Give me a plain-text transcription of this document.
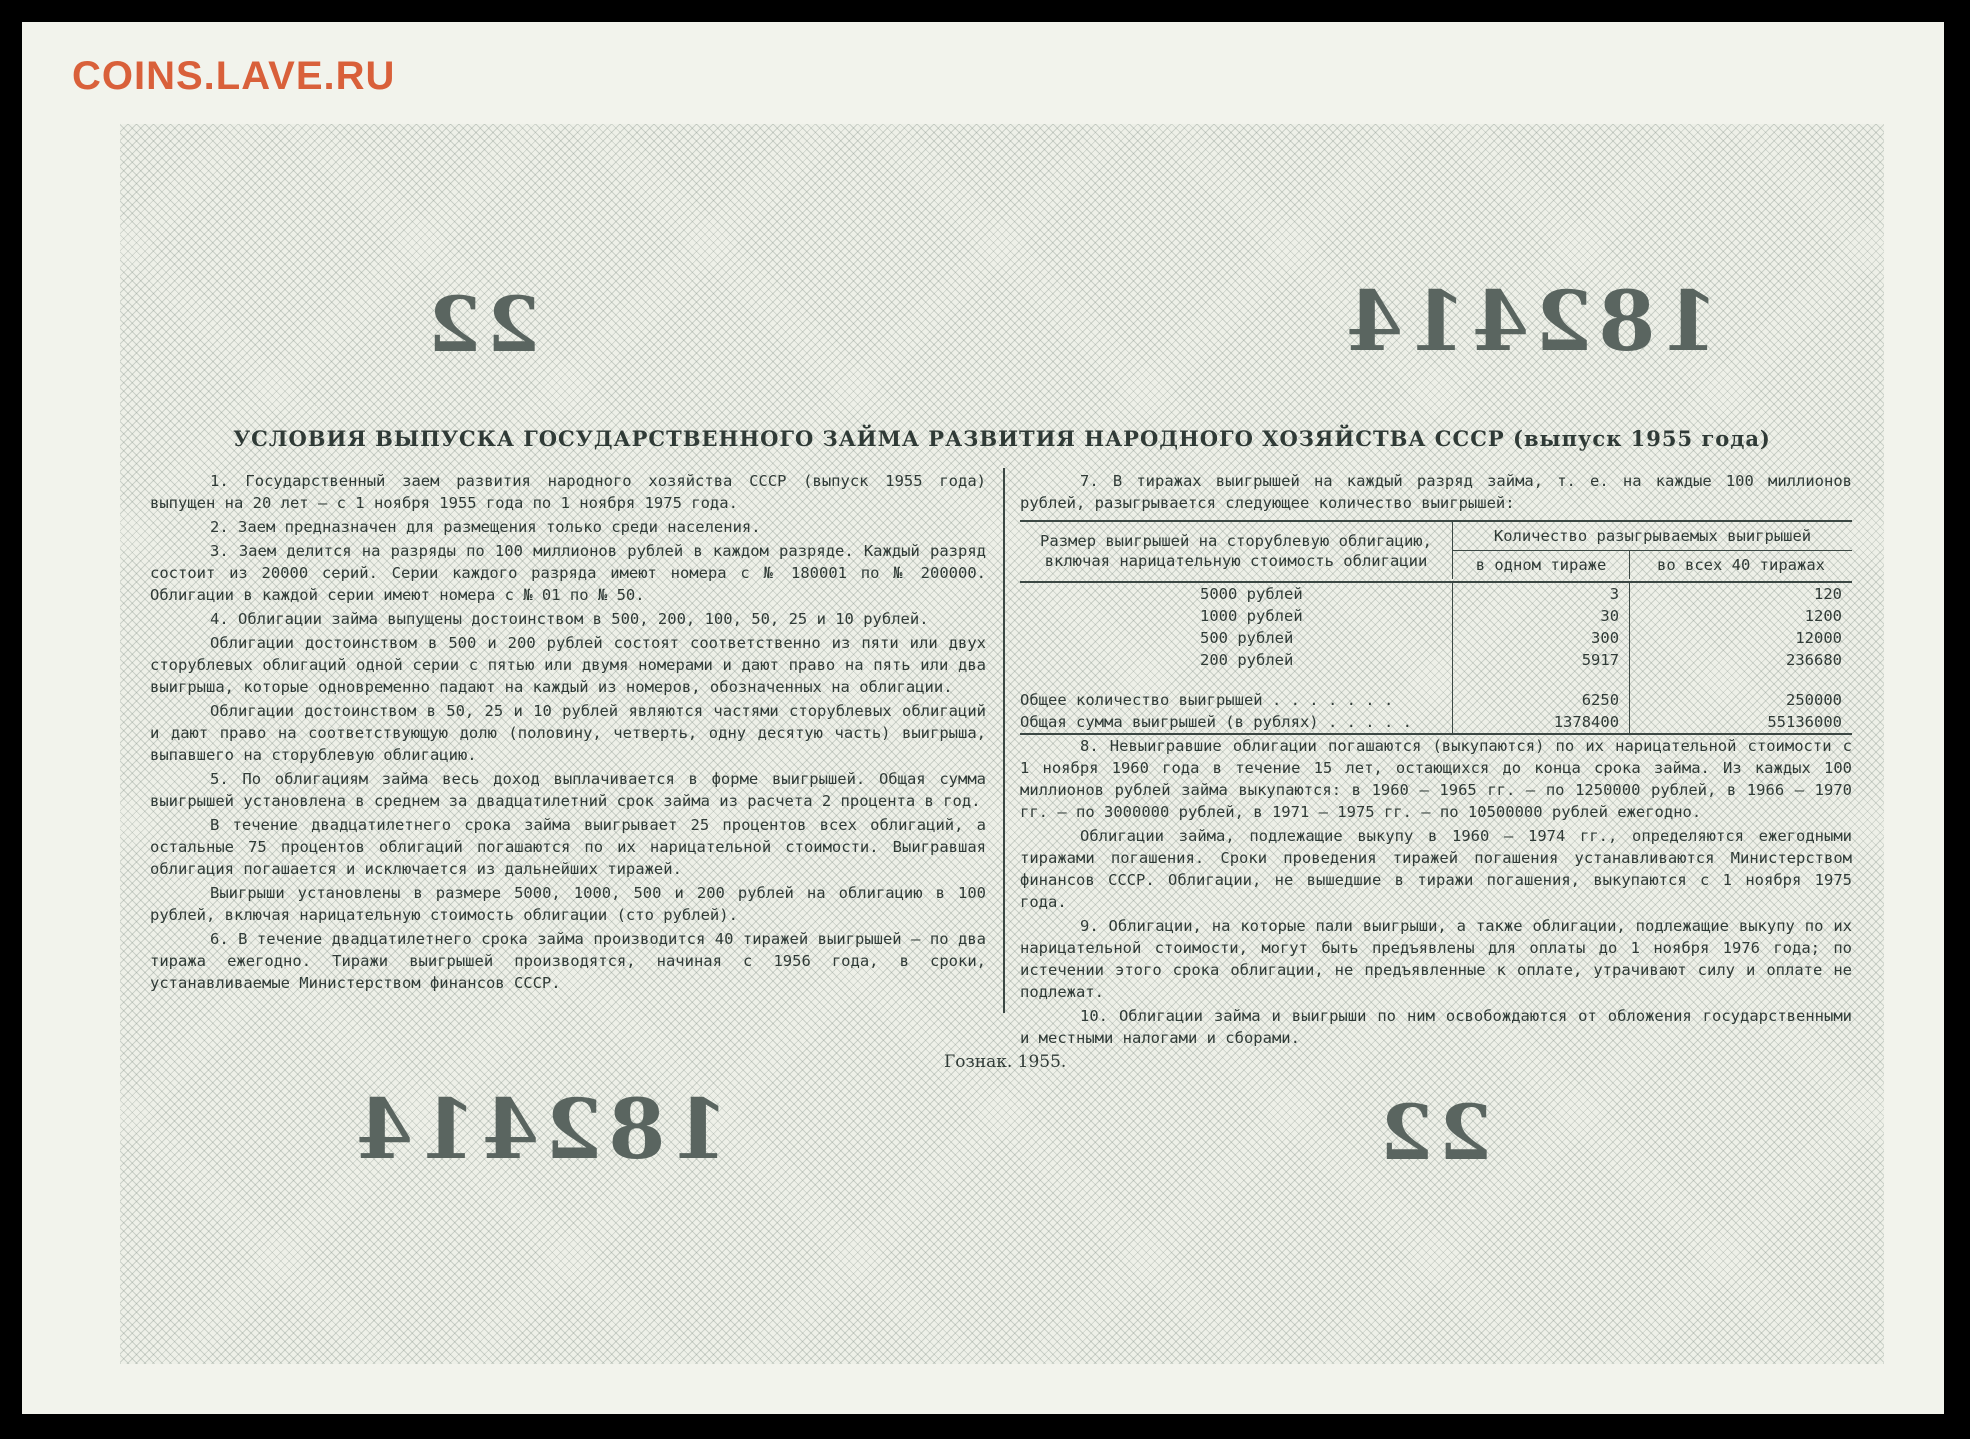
COINS.LAVE.RU
22	182414
УСЛОВИЯ ВЫПУСКА ГОСУДАРСТВЕННОГО ЗАЙМА РАЗВИТИЯ НАРОДНОГО ХОЗЯЙСТВА СССР (выпуск 1955 года)

1. Государственный заем развития народного хозяйства СССР (выпуск 1955 года) выпущен на 20 лет — с 1 ноября 1955 года по 1 ноября 1975 года.

2. Заем предназначен для размещения только среди населения.

3. Заем делится на разряды по 100 миллионов рублей в каждом разряде. Каждый разряд состоит из 20000 серий. Серии каждого разряда имеют номера с № 180001 по № 200000. Облигации в каждой серии имеют номера с № 01 по № 50.

4. Облигации займа выпущены достоинством в 500, 200, 100, 50, 25 и 10 рублей.

Облигации достоинством в 500 и 200 рублей состоят соответственно из пяти или двух сторублевых облигаций одной серии с пятью или двумя номерами и дают право на пять или два выигрыша, которые одновременно падают на каждый из номеров, обозначенных на облигации.

Облигации достоинством в 50, 25 и 10 рублей являются частями сторублевых облигаций и дают право на соответствующую долю (половину, четверть, одну десятую часть) выигрыша, выпавшего на сторублевую облигацию.

5. По облигациям займа весь доход выплачивается в форме выигрышей. Общая сумма выигрышей установлена в среднем за двадцатилетний срок займа из расчета 2 процента в год.

В течение двадцатилетнего срока займа выигрывает 25 процентов всех облигаций, а остальные 75 процентов облигаций погашаются по их нарицательной стоимости. Выигравшая облигация погашается и исключается из дальнейших тиражей.

Выигрыши установлены в размере 5000, 1000, 500 и 200 рублей на облигацию в 100 рублей, включая нарицательную стоимость облигации (сто рублей).

6. В течение двадцатилетнего срока займа производится 40 тиражей выигрышей — по два тиража ежегодно. Тиражи выигрышей производятся, начиная с 1956 года, в сроки, устанавливаемые Министерством финансов СССР.

7. В тиражах выигрышей на каждый разряд займа, т. е. на каждые 100 миллионов рублей, разыгрывается следующее количество выигрышей:

Размер выигрышей на сторублевую облигацию, включая нарицательную стоимость облигации	Количество разыгрываемых выигрышей	
	в одном тираже	во всех 40 тиражах

5000 рублей	3	120
1000 рублей	30	1200
500 рублей	300	12000
200 рублей	5917	236680

Общее количество выигрышей . . . . . . .	6250	250000
Общая сумма выигрышей (в рублях) . . . . .	1378400	55136000

8. Невыигравшие облигации погашаются (выкупаются) по их нарицательной стоимости с 1 ноября 1960 года в течение 15 лет, остающихся до конца срока займа. Из каждых 100 миллионов рублей займа выкупаются: в 1960 — 1965 гг. — по 1250000 рублей, в 1966 — 1970 гг. — по 3000000 рублей, в 1971 — 1975 гг. — по 10500000 рублей ежегодно.

Облигации займа, подлежащие выкупу в 1960 — 1974 гг., определяются ежегодными тиражами погашения. Сроки проведения тиражей погашения устанавливаются Министерством финансов СССР. Облигации, не вышедшие в тиражи погашения, выкупаются с 1 ноября 1975 года.

9. Облигации, на которые пали выигрыши, а также облигации, подлежащие выкупу по их нарицательной стоимости, могут быть предъявлены для оплаты до 1 ноября 1976 года; по истечении этого срока облигации, не предъявленные к оплате, утрачивают силу и оплате не подлежат.

10. Облигации займа и выигрыши по ним освобождаются от обложения государственными и местными налогами и сборами.

Гознак. 1955.
182414	22
